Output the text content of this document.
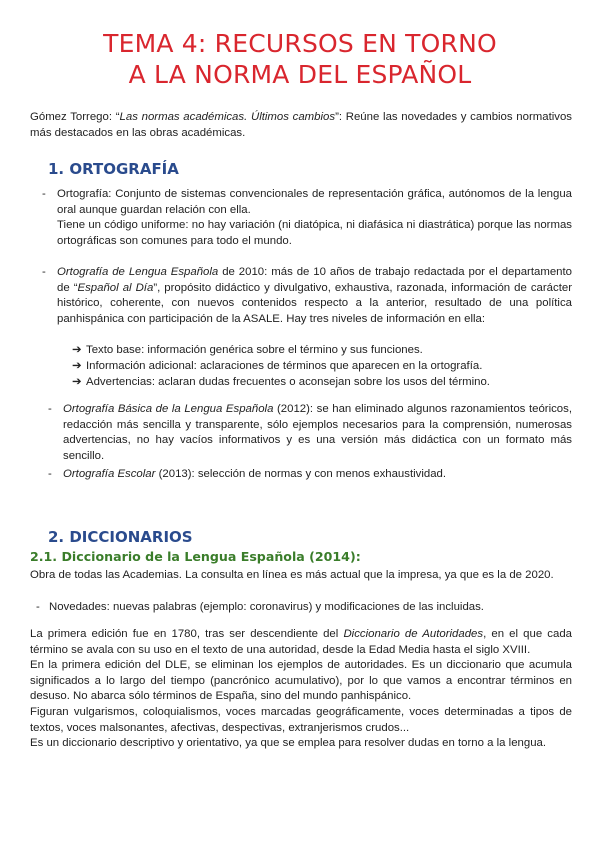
TEMA 4: RECURSOS EN TORNO
A LA NORMA DEL ESPAÑOL

Gómez Torrego: “Las normas académicas. Últimos cambios”: Reúne las novedades y cambios normativos más destacados en las obras académicas.

1. ORTOGRAFÍA
- Ortografía: Conjunto de sistemas convencionales de representación gráfica, autónomos de la lengua oral aunque guardan relación con ella.

Tiene un código uniforme: no hay variación (ni diatópica, ni diafásica ni diastrática) porque las normas ortográficas son comunes para todo el mundo.

- Ortografía de Lengua Española de 2010: más de 10 años de trabajo redactada por el departamento de “Español al Día”, propósito didáctico y divulgativo, exhaustiva, razonada, información de carácter histórico, coherente, con nuevos contenidos respecto a la anterior, resultado de una política panhispánica con participación de la ASALE. Hay tres niveles de información en ella:

➔ Texto base: información genérica sobre el término y sus funciones.
➔ Información adicional: aclaraciones de términos que aparecen en la ortografía.
➔ Advertencias: aclaran dudas frecuentes o aconsejan sobre los usos del término.
- Ortografía Básica de la Lengua Española (2012): se han eliminado algunos razonamientos teóricos, redacción más sencilla y transparente, sólo ejemplos necesarios para la comprensión, numerosas advertencias, no hay vacíos informativos y es una versión más didáctica con un formato más sencillo.

- Ortografía Escolar (2013): selección de normas y con menos exhaustividad.

2. DICCIONARIOS
2.1. Diccionario de la Lengua Española (2014):

Obra de todas las Academias. La consulta en línea es más actual que la impresa, ya que es la de 2020.

- Novedades: nuevas palabras (ejemplo: coronavirus) y modificaciones de las incluidas.

La primera edición fue en 1780, tras ser descendiente del Diccionario de Autoridades, en el que cada término se avala con su uso en el texto de una autoridad, desde la Edad Media hasta el siglo XVIII.

En la primera edición del DLE, se eliminan los ejemplos de autoridades. Es un diccionario que acumula significados a lo largo del tiempo (pancrónico acumulativo), por lo que vamos a encontrar términos en desuso. No abarca sólo términos de España, sino del mundo panhispánico.

Figuran vulgarismos, coloquialismos, voces marcadas geográficamente, voces determinadas a tipos de textos, voces malsonantes, afectivas, despectivas, extranjerismos crudos...

Es un diccionario descriptivo y orientativo, ya que se emplea para resolver dudas en torno a la lengua.
